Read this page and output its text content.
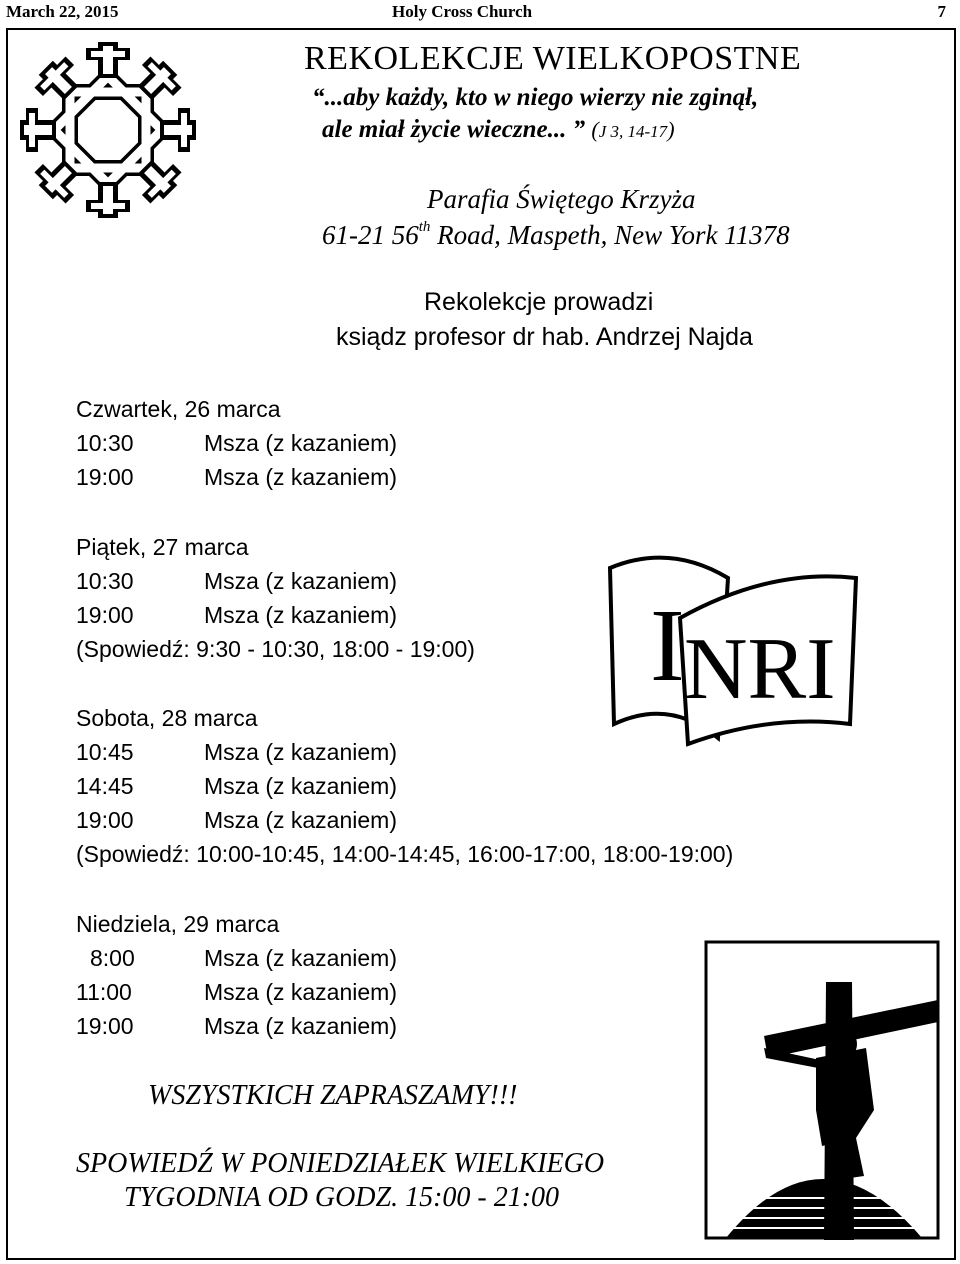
March 22, 2015	Holy Cross Church	7
REKOLEKCJE WIELKOPOSTNE
“...aby każdy, kto w niego wierzy nie zginął,
ale miał życie wieczne... ” (J 3, 14-17)
Parafia Świętego Krzyża
61-21 56th Road, Maspeth, New York 11378
Rekolekcje prowadzi
ksiądz profesor dr hab. Andrzej Najda
Czwartek, 26 marca
10:30	Msza (z kazaniem)
19:00	Msza (z kazaniem)
Piątek, 27 marca
10:30	Msza (z kazaniem)
19:00	Msza (z kazaniem)
(Spowiedź: 9:30 - 10:30, 18:00 - 19:00)
Sobota, 28 marca
10:45	Msza (z kazaniem)
14:45	Msza (z kazaniem)
19:00	Msza (z kazaniem)
(Spowiedź: 10:00-10:45, 14:00-14:45, 16:00-17:00, 18:00-19:00)
Niedziela, 29 marca
8:00	Msza (z kazaniem)
11:00	Msza (z kazaniem)
19:00	Msza (z kazaniem)
I NRI
WSZYSTKICH ZAPRASZAMY!!!
SPOWIEDŹ W PONIEDZIAŁEK WIELKIEGO
TYGODNIA OD GODZ. 15:00 - 21:00
